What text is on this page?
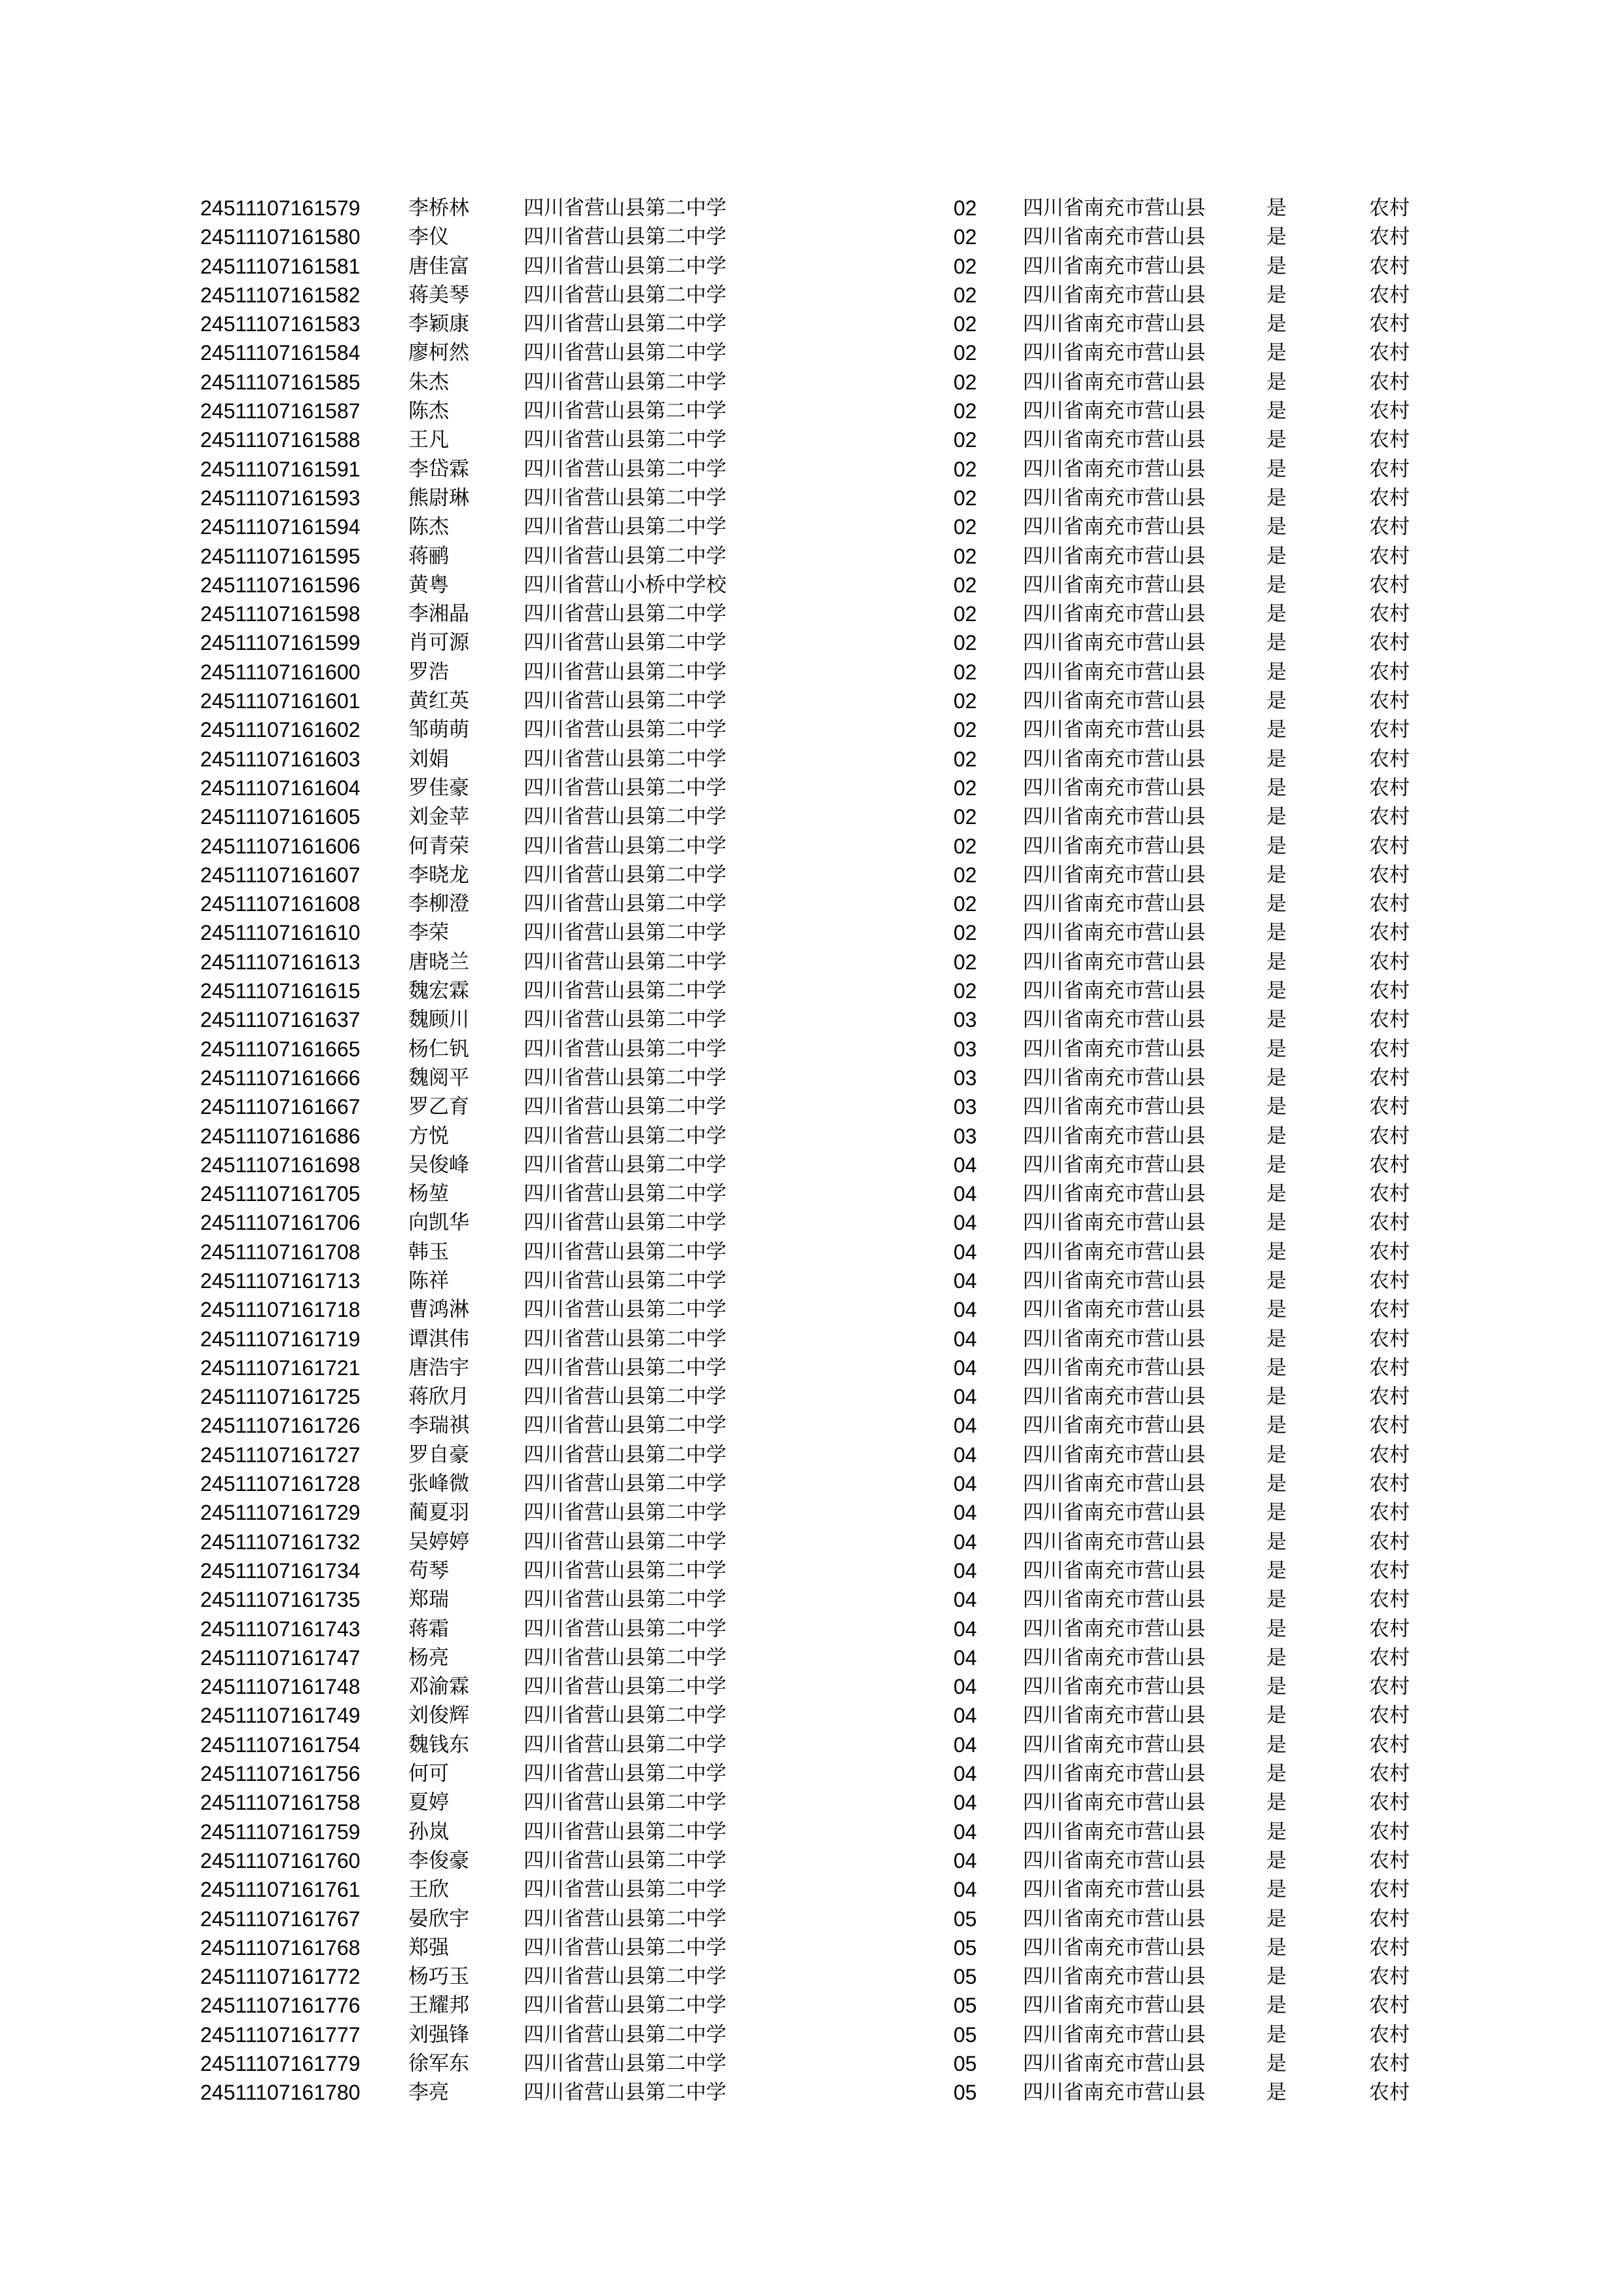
24511107161579 李桥林	四川省营山县第二中学	02 四川省南充市营山县	是	农村
24511107161580 李仪	四川省营山县第二中学	02 四川省南充市营山县	是	农村
24511107161581 唐佳富	四川省营山县第二中学	02 四川省南充市营山县	是	农村
24511107161582 蒋美琴	四川省营山县第二中学	02 四川省南充市营山县	是	农村
24511107161583 李颖康	四川省营山县第二中学	02 四川省南充市营山县	是	农村
24511107161584 廖柯然	四川省营山县第二中学	02 四川省南充市营山县	是	农村
24511107161585 朱杰	四川省营山县第二中学	02 四川省南充市营山县	是	农村
24511107161587 陈杰	四川省营山县第二中学	02 四川省南充市营山县	是	农村
24511107161588 王凡	四川省营山县第二中学	02 四川省南充市营山县	是	农村
24511107161591 李岱霖	四川省营山县第二中学	02 四川省南充市营山县	是	农村
24511107161593 熊尉琳	四川省营山县第二中学	02 四川省南充市营山县	是	农村
24511107161594 陈杰	四川省营山县第二中学	02 四川省南充市营山县	是	农村
24511107161595 蒋鹂	四川省营山县第二中学	02 四川省南充市营山县	是	农村
24511107161596 黄粤	四川省营山小桥中学校	02 四川省南充市营山县	是	农村
24511107161598 李湘晶	四川省营山县第二中学	02 四川省南充市营山县	是	农村
24511107161599 肖可源	四川省营山县第二中学	02 四川省南充市营山县	是	农村
24511107161600 罗浩	四川省营山县第二中学	02 四川省南充市营山县	是	农村
24511107161601 黄红英	四川省营山县第二中学	02 四川省南充市营山县	是	农村
24511107161602 邹萌萌	四川省营山县第二中学	02 四川省南充市营山县	是	农村
24511107161603 刘娟	四川省营山县第二中学	02 四川省南充市营山县	是	农村
24511107161604 罗佳豪	四川省营山县第二中学	02 四川省南充市营山县	是	农村
24511107161605 刘金苹	四川省营山县第二中学	02 四川省南充市营山县	是	农村
24511107161606 何青荣	四川省营山县第二中学	02 四川省南充市营山县	是	农村
24511107161607 李晓龙	四川省营山县第二中学	02 四川省南充市营山县	是	农村
24511107161608 李柳澄	四川省营山县第二中学	02 四川省南充市营山县	是	农村
24511107161610 李荣	四川省营山县第二中学	02 四川省南充市营山县	是	农村
24511107161613 唐晓兰	四川省营山县第二中学	02 四川省南充市营山县	是	农村
24511107161615 魏宏霖	四川省营山县第二中学	02 四川省南充市营山县	是	农村
24511107161637 魏顾川	四川省营山县第二中学	03 四川省南充市营山县	是	农村
24511107161665 杨仁钒	四川省营山县第二中学	03 四川省南充市营山县	是	农村
24511107161666 魏阅平	四川省营山县第二中学	03 四川省南充市营山县	是	农村
24511107161667 罗乙育	四川省营山县第二中学	03 四川省南充市营山县	是	农村
24511107161686 方悦	四川省营山县第二中学	03 四川省南充市营山县	是	农村
24511107161698 吴俊峰	四川省营山县第二中学	04 四川省南充市营山县	是	农村
24511107161705 杨堃	四川省营山县第二中学	04 四川省南充市营山县	是	农村
24511107161706 向凯华	四川省营山县第二中学	04 四川省南充市营山县	是	农村
24511107161708 韩玉	四川省营山县第二中学	04 四川省南充市营山县	是	农村
24511107161713 陈祥	四川省营山县第二中学	04 四川省南充市营山县	是	农村
24511107161718 曹鸿淋	四川省营山县第二中学	04 四川省南充市营山县	是	农村
24511107161719 谭淇伟	四川省营山县第二中学	04 四川省南充市营山县	是	农村
24511107161721 唐浩宇	四川省营山县第二中学	04 四川省南充市营山县	是	农村
24511107161725 蒋欣月	四川省营山县第二中学	04 四川省南充市营山县	是	农村
24511107161726 李瑞祺	四川省营山县第二中学	04 四川省南充市营山县	是	农村
24511107161727 罗自豪	四川省营山县第二中学	04 四川省南充市营山县	是	农村
24511107161728 张峰微	四川省营山县第二中学	04 四川省南充市营山县	是	农村
24511107161729 蔺夏羽	四川省营山县第二中学	04 四川省南充市营山县	是	农村
24511107161732 吴婷婷	四川省营山县第二中学	04 四川省南充市营山县	是	农村
24511107161734 苟琴	四川省营山县第二中学	04 四川省南充市营山县	是	农村
24511107161735 郑瑞	四川省营山县第二中学	04 四川省南充市营山县	是	农村
24511107161743 蒋霜	四川省营山县第二中学	04 四川省南充市营山县	是	农村
24511107161747 杨亮	四川省营山县第二中学	04 四川省南充市营山县	是	农村
24511107161748 邓渝霖	四川省营山县第二中学	04 四川省南充市营山县	是	农村
24511107161749 刘俊辉	四川省营山县第二中学	04 四川省南充市营山县	是	农村
24511107161754 魏钱东	四川省营山县第二中学	04 四川省南充市营山县	是	农村
24511107161756 何可	四川省营山县第二中学	04 四川省南充市营山县	是	农村
24511107161758 夏婷	四川省营山县第二中学	04 四川省南充市营山县	是	农村
24511107161759 孙岚	四川省营山县第二中学	04 四川省南充市营山县	是	农村
24511107161760 李俊豪	四川省营山县第二中学	04 四川省南充市营山县	是	农村
24511107161761 王欣	四川省营山县第二中学	04 四川省南充市营山县	是	农村
24511107161767 晏欣宇	四川省营山县第二中学	05 四川省南充市营山县	是	农村
24511107161768 郑强	四川省营山县第二中学	05 四川省南充市营山县	是	农村
24511107161772 杨巧玉	四川省营山县第二中学	05 四川省南充市营山县	是	农村
24511107161776 王耀邦	四川省营山县第二中学	05 四川省南充市营山县	是	农村
24511107161777 刘强锋	四川省营山县第二中学	05 四川省南充市营山县	是	农村
24511107161779 徐军东	四川省营山县第二中学	05 四川省南充市营山县	是	农村
24511107161780 李亮	四川省营山县第二中学	05 四川省南充市营山县	是	农村
